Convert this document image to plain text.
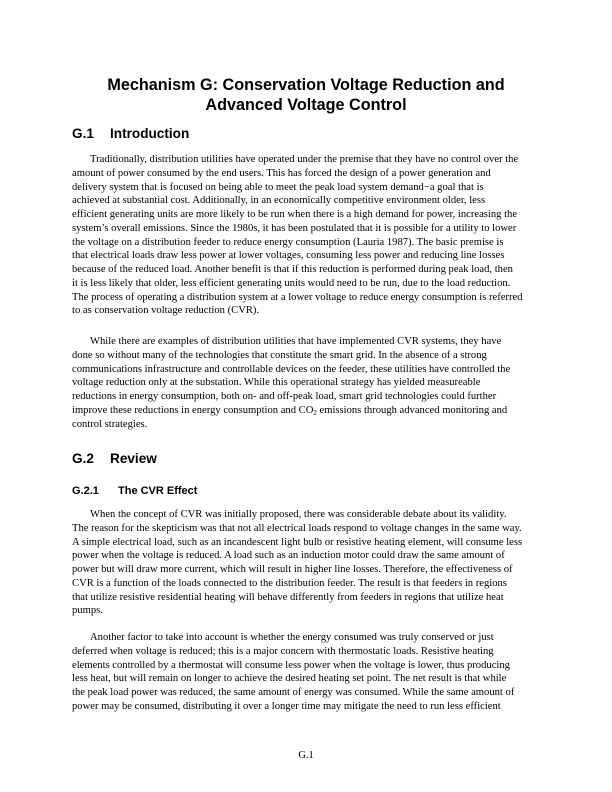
Mechanism G: Conservation Voltage Reduction and
Advanced Voltage Control
G.1 Introduction
Traditionally, distribution utilities have operated under the premise that they have no control over the
amount of power consumed by the end users. This has forced the design of a power generation and
delivery system that is focused on being able to meet the peak load system demand−a goal that is
achieved at substantial cost. Additionally, in an economically competitive environment older, less
efficient generating units are more likely to be run when there is a high demand for power, increasing the
system’s overall emissions. Since the 1980s, it has been postulated that it is possible for a utility to lower
the voltage on a distribution feeder to reduce energy consumption (Lauria 1987). The basic premise is
that electrical loads draw less power at lower voltages, consuming less power and reducing line losses
because of the reduced load. Another benefit is that if this reduction is performed during peak load, then
it is less likely that older, less efficient generating units would need to be run, due to the load reduction.
The process of operating a distribution system at a lower voltage to reduce energy consumption is referred
to as conservation voltage reduction (CVR).
While there are examples of distribution utilities that have implemented CVR systems, they have
done so without many of the technologies that constitute the smart grid. In the absence of a strong
communications infrastructure and controllable devices on the feeder, these utilities have controlled the
voltage reduction only at the substation. While this operational strategy has yielded measureable
reductions in energy consumption, both on- and off-peak load, smart grid technologies could further
improve these reductions in energy consumption and $CO_2$ emissions through advanced monitoring and
control strategies.
G.2 Review
G.2.1 The CVR Effect
When the concept of CVR was initially proposed, there was considerable debate about its validity.
The reason for the skepticism was that not all electrical loads respond to voltage changes in the same way.
A simple electrical load, such as an incandescent light bulb or resistive heating element, will consume less
power when the voltage is reduced. A load such as an induction motor could draw the same amount of
power but will draw more current, which will result in higher line losses. Therefore, the effectiveness of
CVR is a function of the loads connected to the distribution feeder. The result is that feeders in regions
that utilize resistive residential heating will behave differently from feeders in regions that utilize heat
pumps.
Another factor to take into account is whether the energy consumed was truly conserved or just
deferred when voltage is reduced; this is a major concern with thermostatic loads. Resistive heating
elements controlled by a thermostat will consume less power when the voltage is lower, thus producing
less heat, but will remain on longer to achieve the desired heating set point. The net result is that while
the peak load power was reduced, the same amount of energy was consumed. While the same amount of
power may be consumed, distributing it over a longer time may mitigate the need to run less efficient
G.1
